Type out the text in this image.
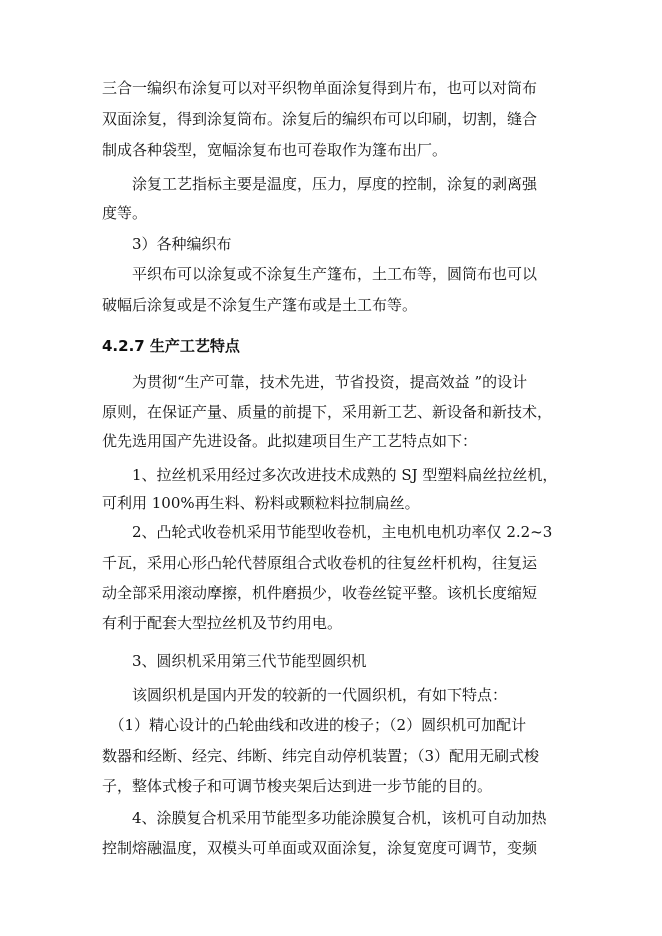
三合一编织布涂复可以对平织物单面涂复得到片布，也可以对筒布
双面涂复，得到涂复筒布。涂复后的编织布可以印刷，切割，缝合
制成各种袋型，宽幅涂复布也可卷取作为篷布出厂。
　　涂复工艺指标主要是温度，压力，厚度的控制，涂复的剥离强
度等。
　　3）各种编织布
　　平织布可以涂复或不涂复生产篷布，土工布等，圆筒布也可以
破幅后涂复或是不涂复生产篷布或是土工布等。
4.2.7 生产工艺特点
　　为贯彻“生产可靠，技术先进，节省投资，提高效益 ”的设计
原则，在保证产量、质量的前提下，采用新工艺、新设备和新技术，
优先选用国产先进设备。此拟建项目生产工艺特点如下：
　　1、拉丝机采用经过多次改进技术成熟的 SJ 型塑料扁丝拉丝机，
可利用 100%再生料、粉料或颗粒料拉制扁丝。
　　2、凸轮式收卷机采用节能型收卷机，主电机电机功率仅 2.2~3
千瓦，采用心形凸轮代替原组合式收卷机的往复丝杆机构，往复运
动全部采用滚动摩擦，机件磨损少，收卷丝锭平整。该机长度缩短
有利于配套大型拉丝机及节约用电。
　　3、圆织机采用第三代节能型圆织机
　　该圆织机是国内开发的较新的一代圆织机，有如下特点：
　（1）精心设计的凸轮曲线和改进的梭子；（2）圆织机可加配计
数器和经断、经完、纬断、纬完自动停机装置；（3）配用无刷式梭
子，整体式梭子和可调节梭夹架后达到进一步节能的目的。
　　4、涂膜复合机采用节能型多功能涂膜复合机，该机可自动加热
控制熔融温度，双模头可单面或双面涂复，涂复宽度可调节，变频
